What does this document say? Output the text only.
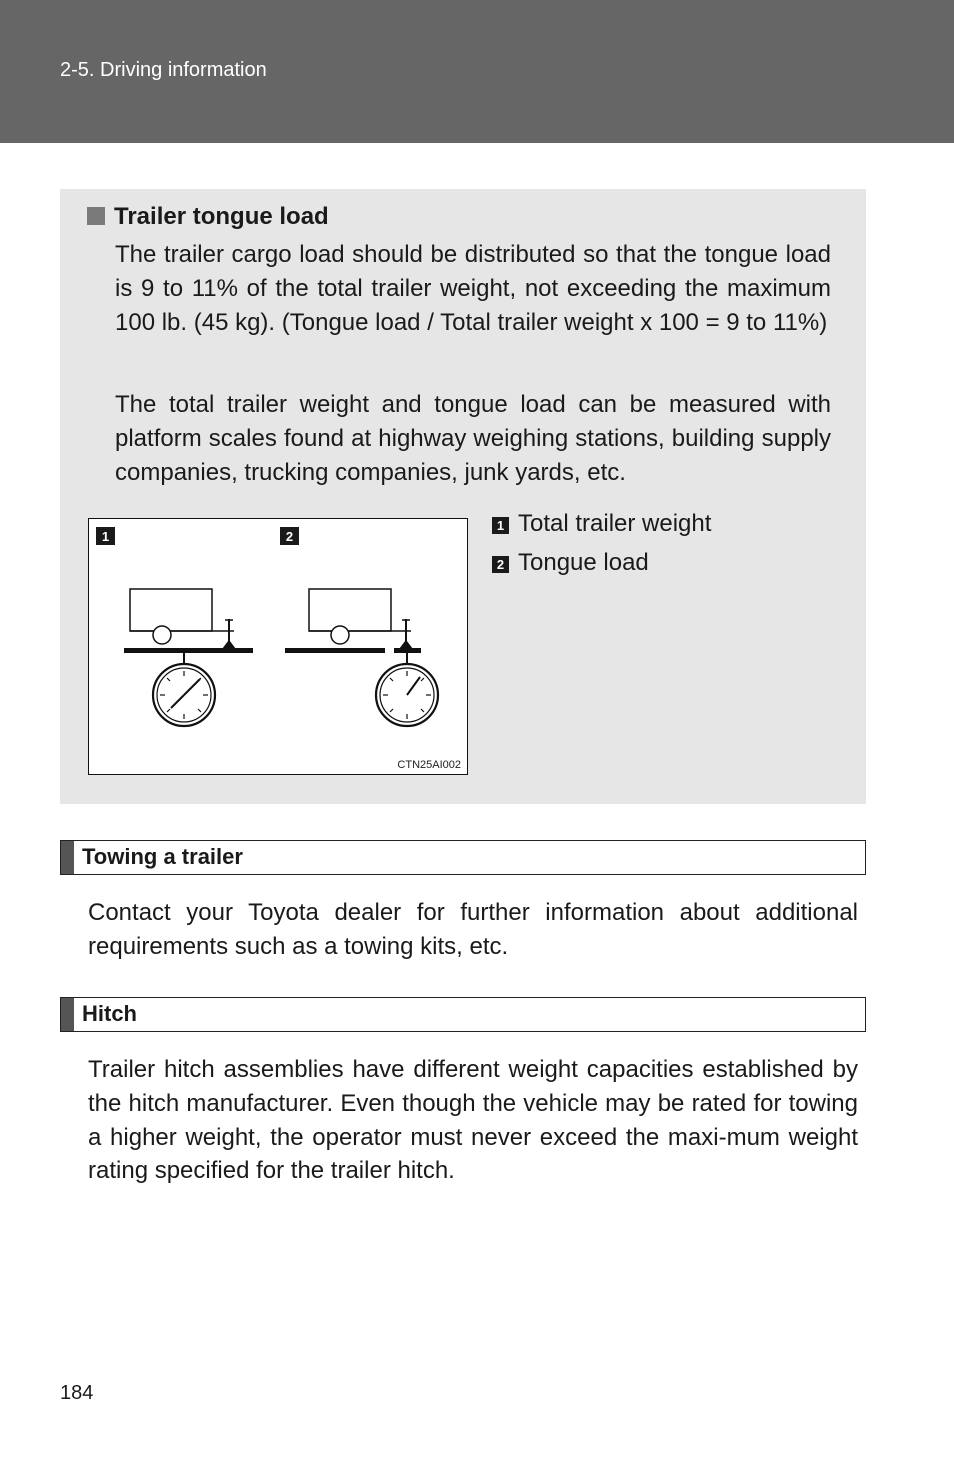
2-5. Driving information
Trailer tongue load

The trailer cargo load should be distributed so that the tongue load is 9 to 11% of the total trailer weight, not exceeding the maximum 100 lb. (45 kg). (Tongue load / Total trailer weight x 100 = 9 to 11%)

The total trailer weight and tongue load can be measured with platform scales found at highway weighing stations, building supply companies, trucking companies, junk yards, etc.

1	2
CTN25AI002
1 Total trailer weight
2 Tongue load
Towing a trailer

Contact your Toyota dealer for further information about additional requirements such as a towing kits, etc.

Hitch

Trailer hitch assemblies have different weight capacities established by the hitch manufacturer. Even though the vehicle may be rated for towing a higher weight, the operator must never exceed the maxi-mum weight rating specified for the trailer hitch.

184
